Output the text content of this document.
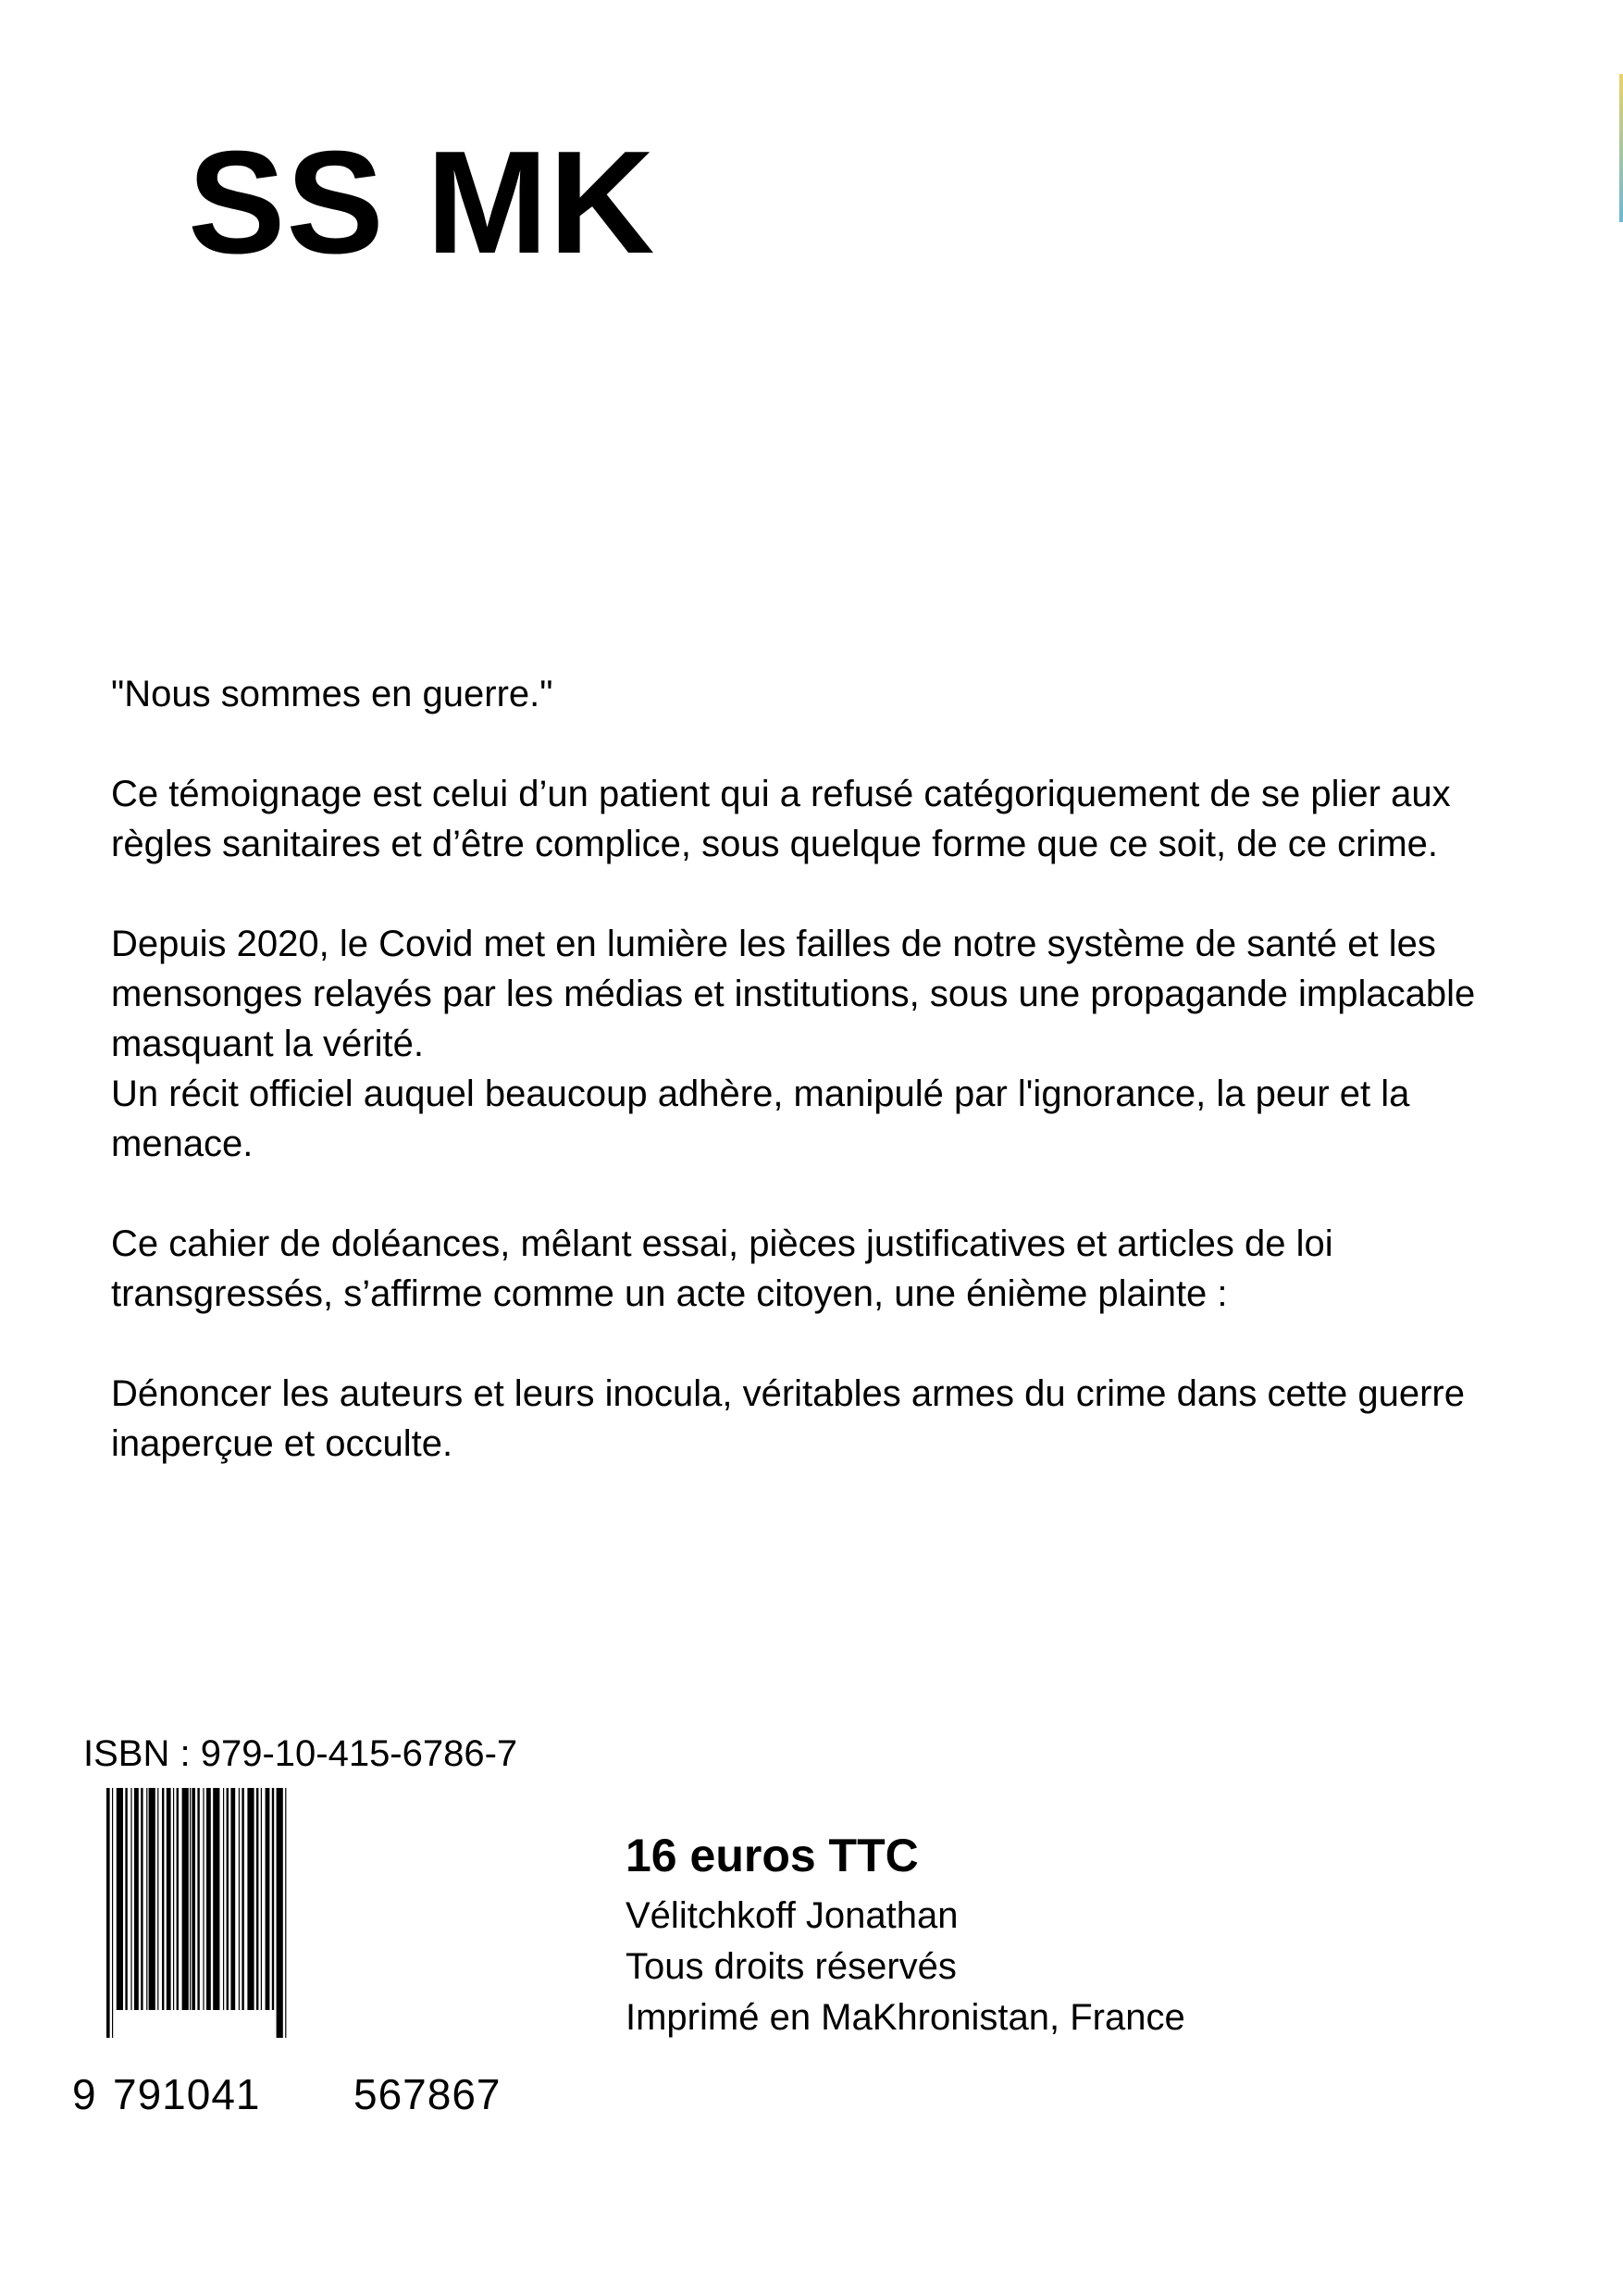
SS MK

"Nous sommes en guerre."

Ce témoignage est celui d’un patient qui a refusé catégoriquement de se plier aux règles sanitaires et d’être complice, sous quelque forme que ce soit, de ce crime.

Depuis 2020, le Covid met en lumière les failles de notre système de santé et les mensonges relayés par les médias et institutions, sous une propagande implacable masquant la vérité.

Un récit officiel auquel beaucoup adhère, manipulé par l'ignorance, la peur et la menace.

Ce cahier de doléances, mêlant essai, pièces justificatives et articles de loi transgressés, s’affirme comme un acte citoyen, une énième plainte :

Dénoncer les auteurs et leurs inocula, véritables armes du crime dans cette guerre inaperçue et occulte.

ISBN : 979-10-415-6786-7
9 791041 567867
16 euros TTC
Vélitchkoff Jonathan
Tous droits réservés
Imprimé en MaKhronistan, France
